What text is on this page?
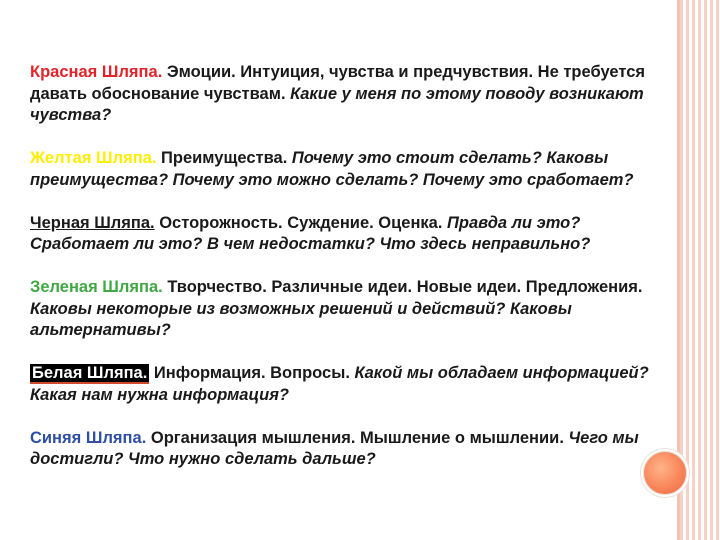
Красная Шляпа. Эмоции. Интуиция, чувства и предчувствия. Не требуется давать обоснование чувствам. Какие у меня по этому поводу возникают чувства?

Желтая Шляпа. Преимущества. Почему это стоит сделать? Каковы преимущества? Почему это можно сделать? Почему это сработает?

Черная Шляпа. Осторожность. Суждение. Оценка. Правда ли это? Сработает ли это? В чем недостатки? Что здесь неправильно?

Зеленая Шляпа. Творчество. Различные идеи. Новые идеи. Предложения. Каковы некоторые из возможных решений и действий? Каковы альтернативы?

Белая Шляпа. Информация. Вопросы. Какой мы обладаем информацией? Какая нам нужна информация?

Синяя Шляпа. Организация мышления. Мышление о мышлении. Чего мы достигли? Что нужно сделать дальше?
